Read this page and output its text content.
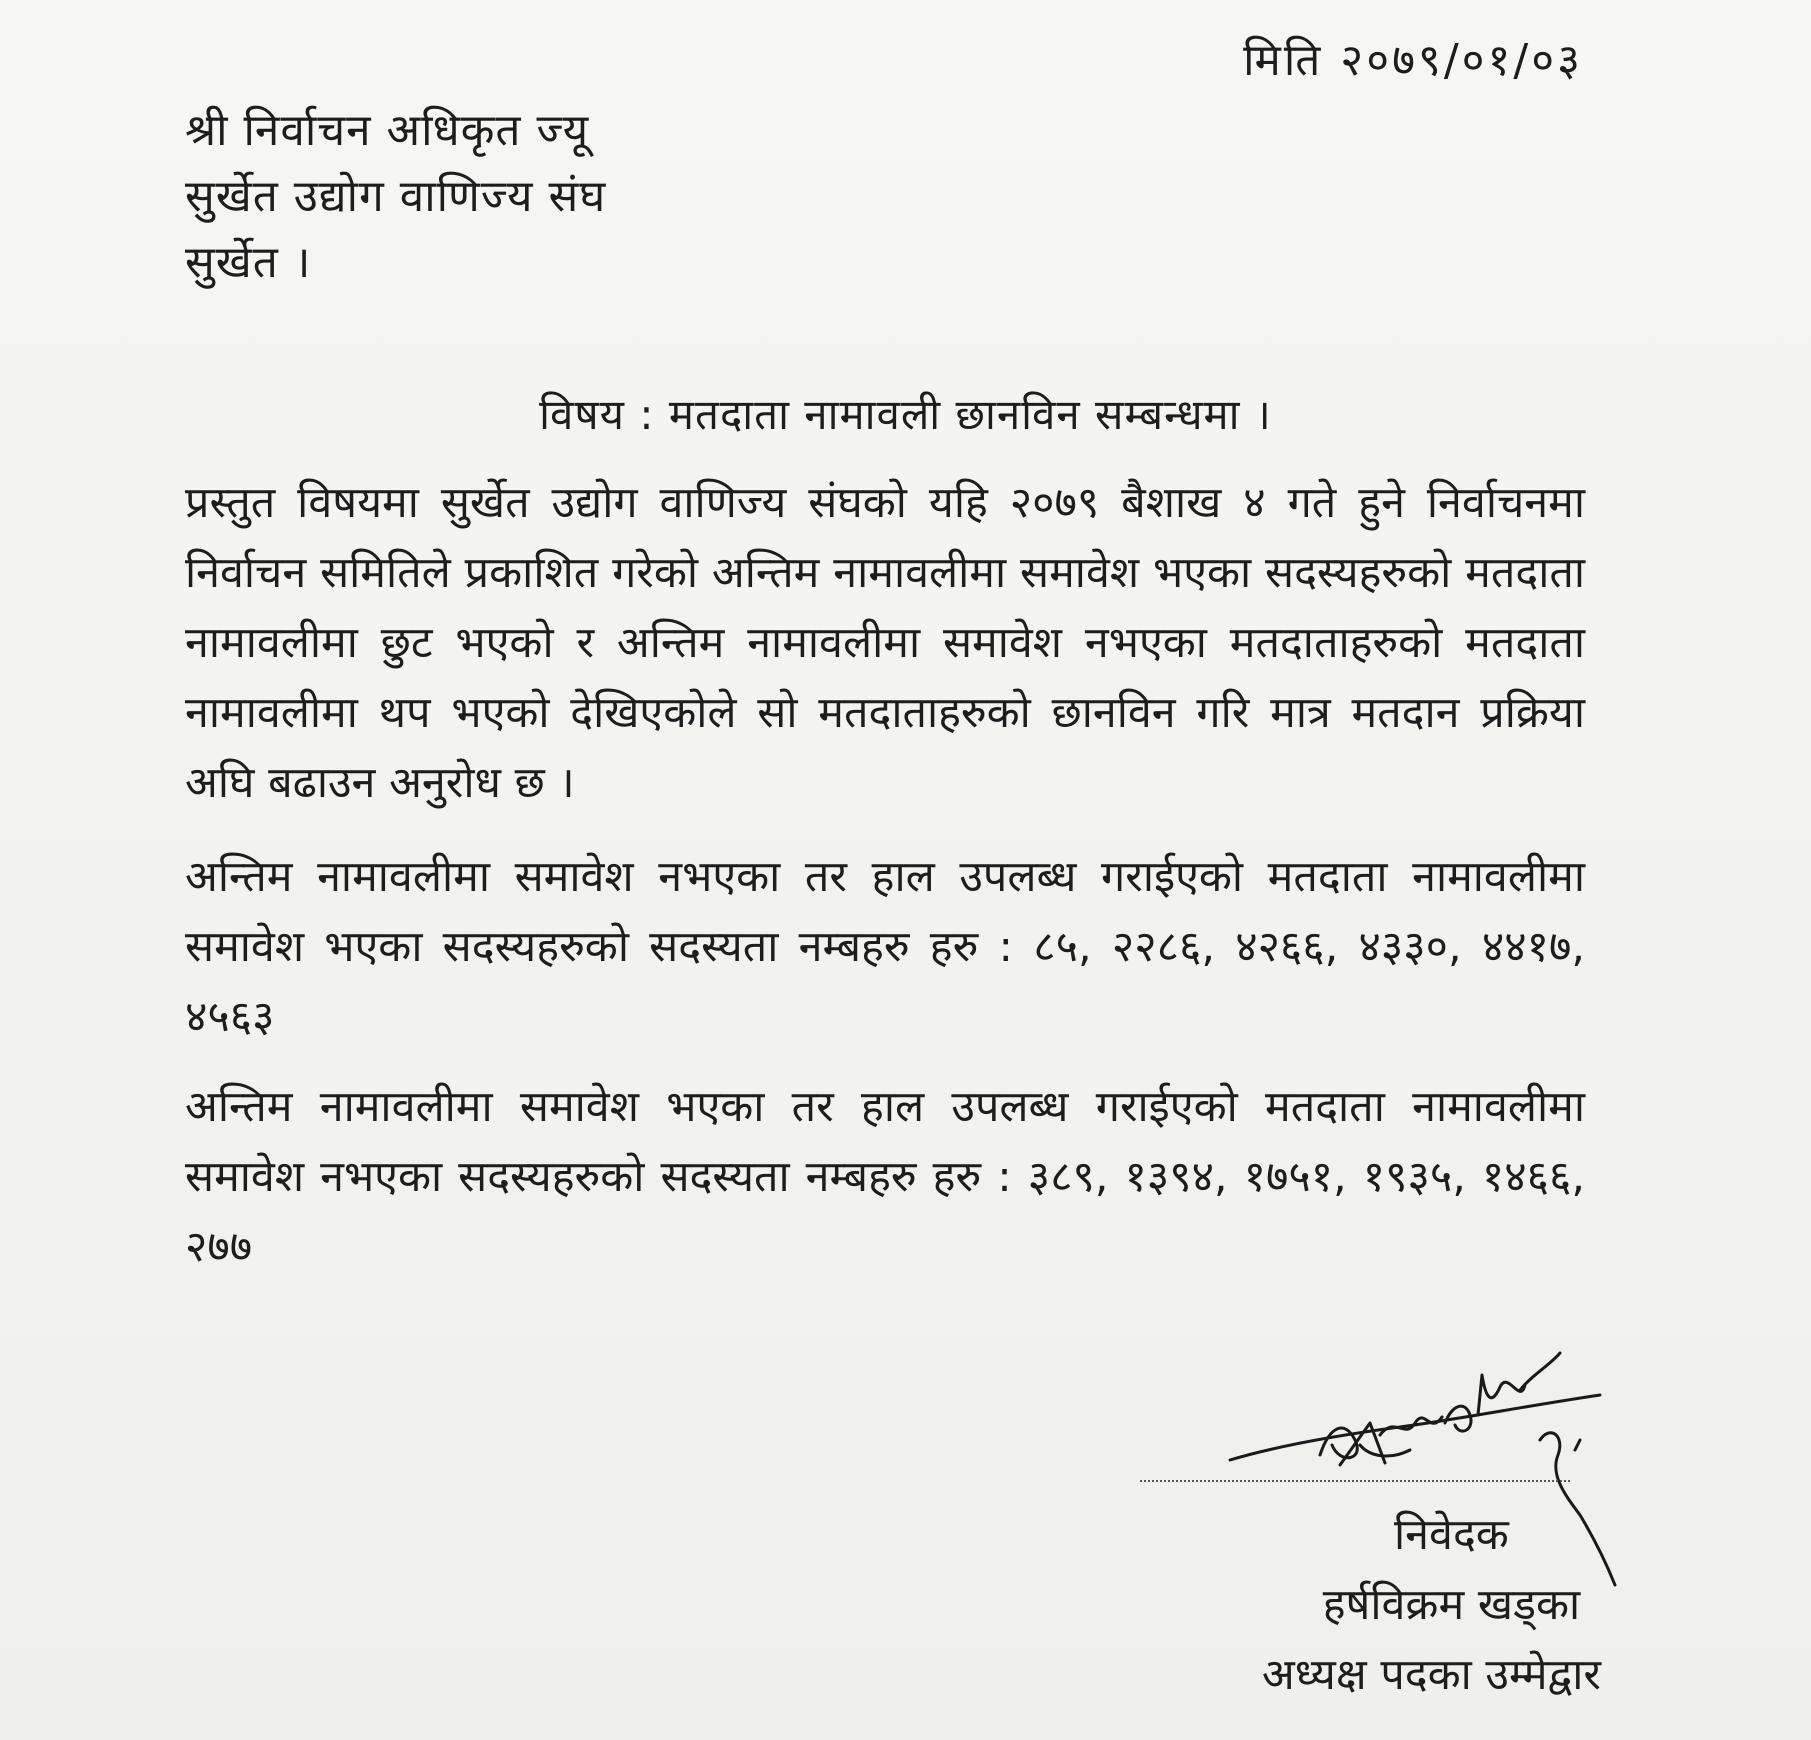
मिति २०७९/०१/०३
श्री निर्वाचन अधिकृत ज्यू
सुर्खेत उद्योग वाणिज्य संघ
सुर्खेत ।
विषय : मतदाता नामावली छानविन सम्बन्धमा ।
प्रस्तुत विषयमा सुर्खेत उद्योग वाणिज्य संघको यहि २०७९ बैशाख ४ गते हुने निर्वाचनमा निर्वाचन समितिले प्रकाशित गरेको अन्तिम नामावलीमा समावेश भएका सदस्यहरुको मतदाता नामावलीमा छुट भएको र अन्तिम नामावलीमा समावेश नभएका मतदाताहरुको मतदाता नामावलीमा थप भएको देखिएकोले सो मतदाताहरुको छानविन गरि मात्र मतदान प्रक्रिया अघि बढाउन अनुरोध छ ।
अन्तिम नामावलीमा समावेश नभएका तर हाल उपलब्ध गराईएको मतदाता नामावलीमा समावेश भएका सदस्यहरुको सदस्यता नम्बहरु हरु : ८५, २२८६, ४२६६, ४३३०, ४४१७, ४५६३
अन्तिम नामावलीमा समावेश भएका तर हाल उपलब्ध गराईएको मतदाता नामावलीमा समावेश नभएका सदस्यहरुको सदस्यता नम्बहरु हरु : ३८९, १३९४, १७५१, १९३५, १४६६, २७७
निवेदक
हर्षविक्रम खड्का
अध्यक्ष पदका उम्मेद्वार
